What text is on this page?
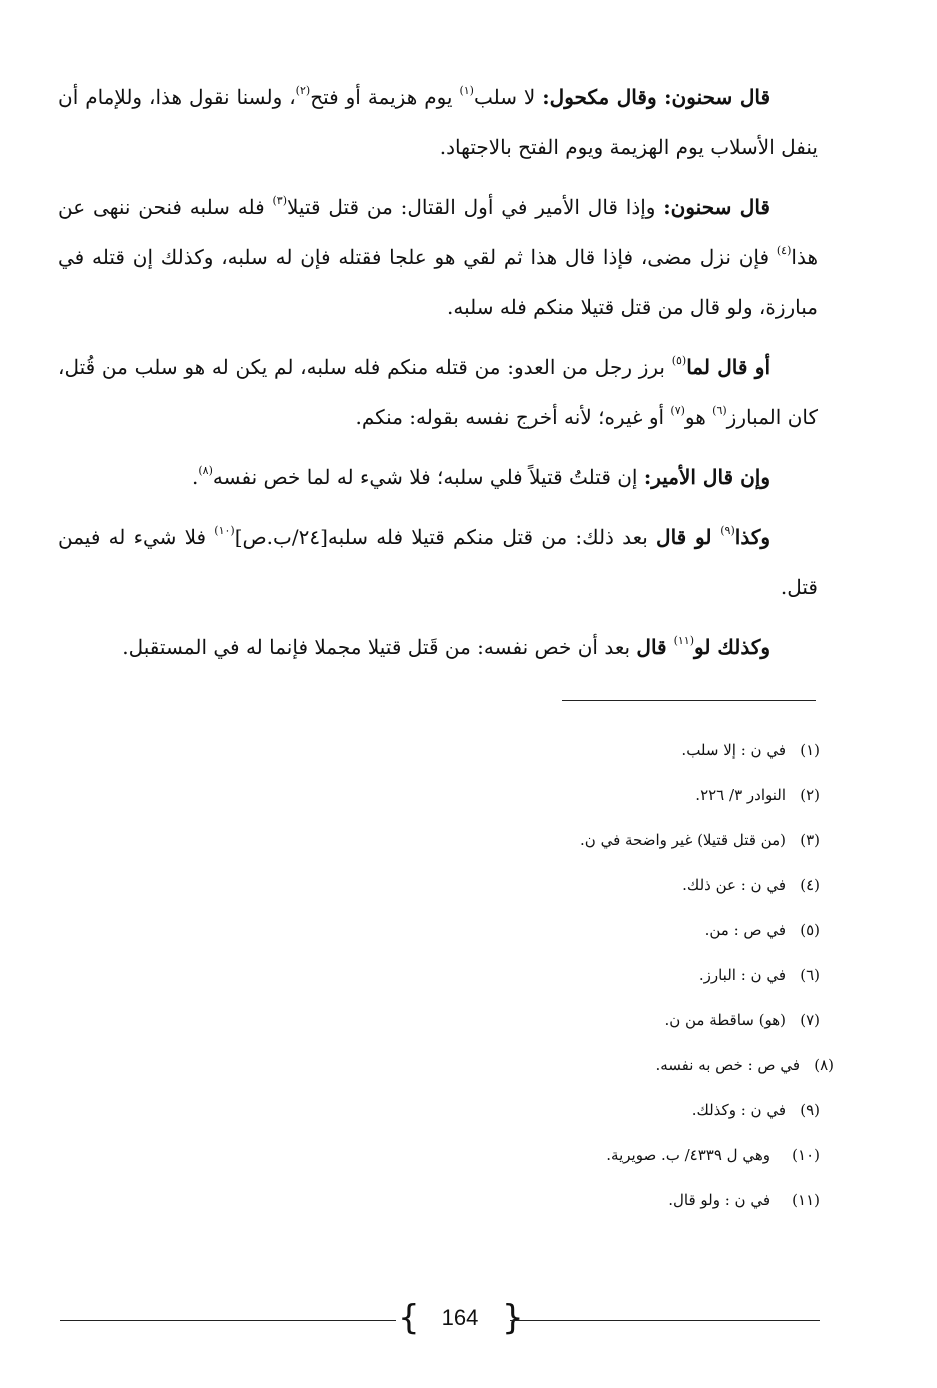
قال سحنون: وقال مكحول: لا سلب$^{(١)}$ يوم هزيمة أو فتح$^{(٢)}$، ولسنا نقول هذا، وللإمام أن ينفل الأسلاب يوم الهزيمة ويوم الفتح بالاجتهاد.

قال سحنون: وإذا قال الأمير في أول القتال: من قتل قتيلا$^{(٣)}$ فله سلبه فنحن ننهى عن هذا$^{(٤)}$ فإن نزل مضى، فإذا قال هذا ثم لقي هو علجا فقتله فإن له سلبه، وكذلك إن قتله في مبارزة، ولو قال من قتل قتيلا منكم فله سلبه.

أو قال لما$^{(٥)}$ برز رجل من العدو: من قتله منكم فله سلبه، لم يكن له هو سلب من قُتل، كان المبارز$^{(٦)}$ هو$^{(٧)}$ أو غيره؛ لأنه أخرج نفسه بقوله: منكم.

وإن قال الأمير: إن قتلتُ قتيلاً فلي سلبه؛ فلا شيء له لما خص نفسه$^{(٨)}$.

وكذا$^{(٩)}$ لو قال بعد ذلك: من قتل منكم قتيلا فله سلبه[٢٤/ب.ص]$^{(١٠)}$ فلا شيء له فيمن قتل.

وكذلك لو$^{(١١)}$ قال بعد أن خص نفسه: من قَتل قتيلا مجملا فإنما له في المستقبل.

(١)
في ن : إلا سلب.
(٢)
النوادر ٣/ ٢٢٦.
(٣)
(من قتل قتيلا) غير واضحة في ن.
(٤)
في ن : عن ذلك.
(٥)
في ص : من.
(٦)
في ن : البارز.
(٧)
(هو) ساقطة من ن.
(٨)
في ص : خص به نفسه.
(٩)
في ن : وكذلك.
(١٠)
وهي ل ٤٣٣٩/ ب. صويرية.
(١١)
في ن : ولو قال.
{	164 }
